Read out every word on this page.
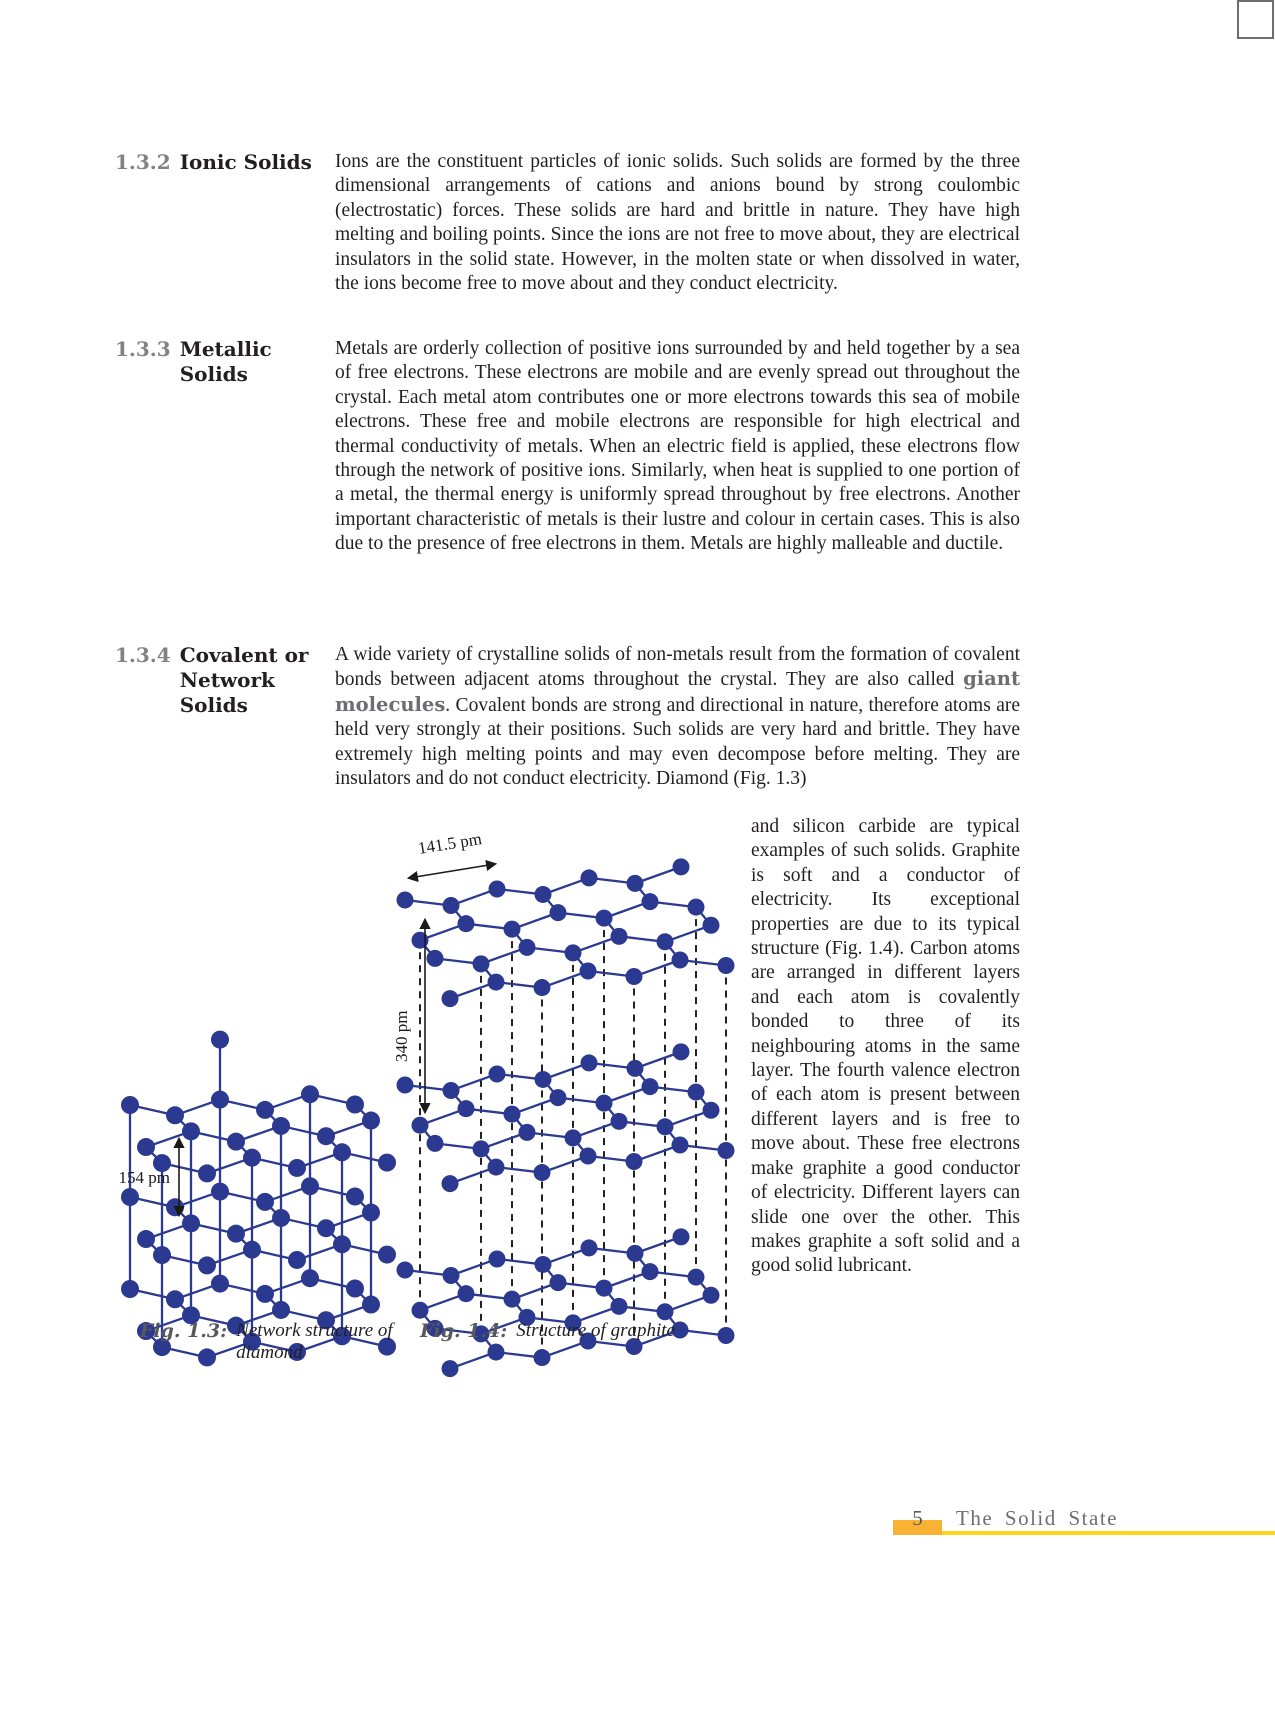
1.3.2 Ionic Solids	Ions are the constituent particles of ionic solids. Such solids are formed by the three dimensional arrangements of cations and anions bound by strong coulombic (electrostatic) forces. These solids are hard and brittle in nature. They have high melting and boiling points. Since the ions are not free to move about, they are electrical insulators in the solid state. However, in the molten state or when dissolved in water, the ions become free to move about and they conduct electricity.
1.3.3 Metallic Solids
Metals are orderly collection of positive ions surrounded by and held together by a sea of free electrons. These electrons are mobile and are evenly spread out throughout the crystal. Each metal atom contributes one or more electrons towards this sea of mobile electrons. These free and mobile electrons are responsible for high electrical and thermal conductivity of metals. When an electric field is applied, these electrons flow through the network of positive ions. Similarly, when heat is supplied to one portion of a metal, the thermal energy is uniformly spread throughout by free electrons. Another important characteristic of metals is their lustre and colour in certain cases. This is also due to the presence of free electrons in them. Metals are highly malleable and ductile.
1.3.4 Covalent or Network Solids
A wide variety of crystalline solids of non-metals result from the formation of covalent bonds between adjacent atoms throughout the crystal. They are also called giant molecules. Covalent bonds are strong and directional in nature, therefore atoms are held very strongly at their positions. Such solids are very hard and brittle. They have extremely high melting points and may even decompose before melting. They are insulators and do not conduct electricity. Diamond (Fig. 1.3)
and silicon carbide are typical examples of such solids. Graphite is soft and a conductor of electricity. Its exceptional properties are due to its typical structure (Fig. 1.4). Carbon atoms are arranged in different layers and each atom is covalently bonded to three of its neighbouring atoms in the same layer. The fourth valence electron of each atom is present between different layers and is free to move about. These free electrons make graphite a good conductor of electricity. Different layers can slide one over the other. This makes graphite a soft solid and a good solid lubricant.
141.5 pm
340 pm
154 pm
Fig. 1.3: Network structure of diamond
Fig. 1.4: Structure of graphite
5	The Solid State
